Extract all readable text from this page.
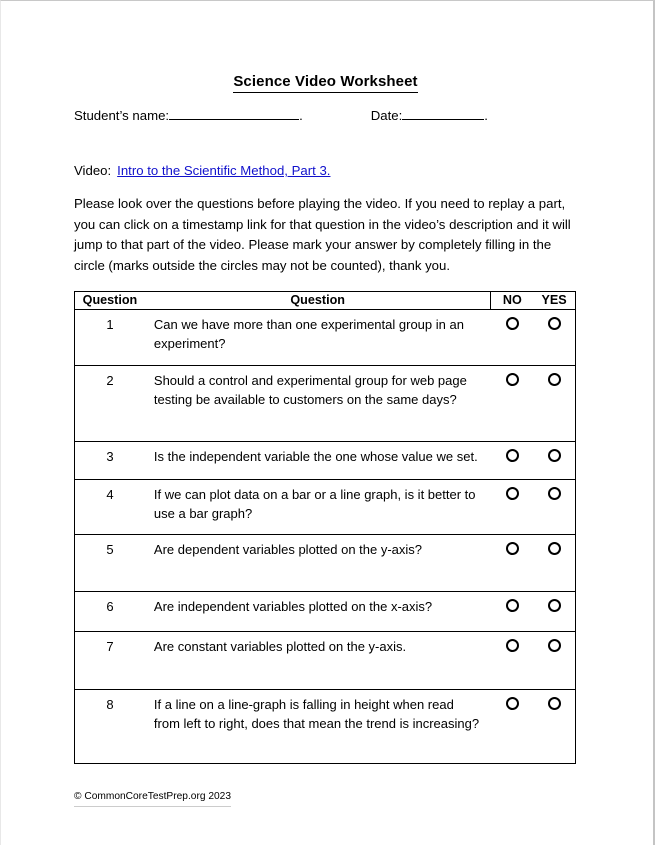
Science Video Worksheet
Student’s name:	.	Date:	.
Video: Intro to the Scientific Method, Part 3.
Please look over the questions before playing the video. If you need to replay a part, you can click on a timestamp link for that question in the video’s description and it will jump to that part of the video. Please mark your answer by completely filling in the circle (marks outside the circles may not be counted), thank you.
Question	Question	NO	YES

1	Can we have more than one experimental group in an experiment?		

2	Should a control and experimental group for web page testing be available to customers on the same days?		

3	Is the independent variable the one whose value we set.		

4	If we can plot data on a bar or a line graph, is it better to use a bar graph?		

5	Are dependent variables plotted on the y-axis?		

6	Are independent variables plotted on the x-axis?		

7	Are constant variables plotted on the y-axis.		

8	If a line on a line-graph is falling in height when read from left to right, does that mean the trend is increasing?		

© CommonCoreTestPrep.org 2023
